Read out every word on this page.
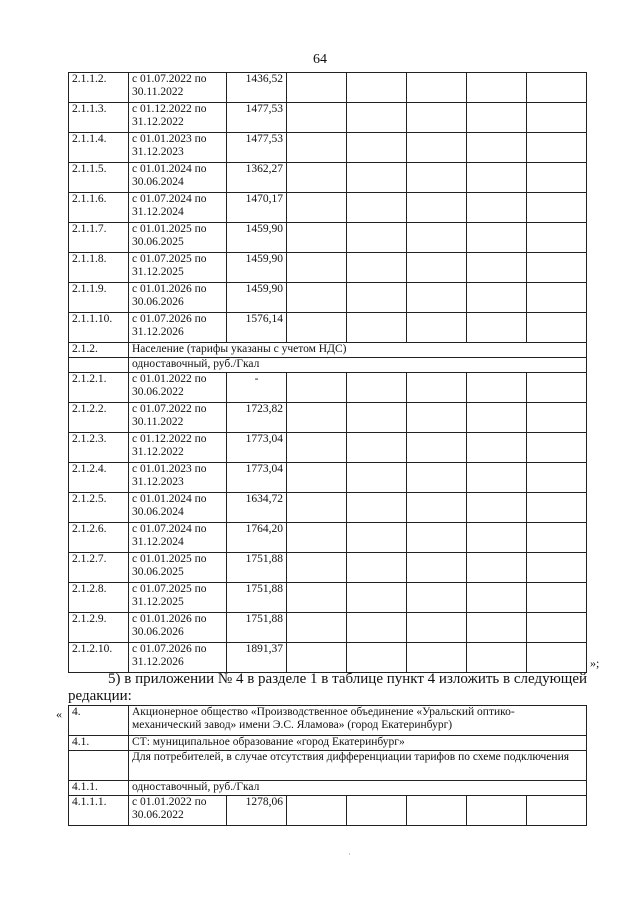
64
2.1.1.2.	с 01.07.2022 по 30.11.2022	1436,52					
2.1.1.3.	с 01.12.2022 по 31.12.2022	1477,53					
2.1.1.4.	с 01.01.2023 по 31.12.2023	1477,53					
2.1.1.5.	с 01.01.2024 по 30.06.2024	1362,27					
2.1.1.6.	с 01.07.2024 по 31.12.2024	1470,17					
2.1.1.7.	с 01.01.2025 по 30.06.2025	1459,90					
2.1.1.8.	с 01.07.2025 по 31.12.2025	1459,90					
2.1.1.9.	с 01.01.2026 по 30.06.2026	1459,90					
2.1.1.10.	с 01.07.2026 по 31.12.2026	1576,14					
2.1.2.	Население (тарифы указаны с учетом НДС)						
	одноставочный, руб./Гкал						
2.1.2.1.	с 01.01.2022 по 30.06.2022	-					
2.1.2.2.	с 01.07.2022 по 30.11.2022	1723,82					
2.1.2.3.	с 01.12.2022 по 31.12.2022	1773,04					
2.1.2.4.	с 01.01.2023 по 31.12.2023	1773,04					
2.1.2.5.	с 01.01.2024 по 30.06.2024	1634,72					
2.1.2.6.	с 01.07.2024 по 31.12.2024	1764,20					
2.1.2.7.	с 01.01.2025 по 30.06.2025	1751,88					
2.1.2.8.	с 01.07.2025 по 31.12.2025	1751,88					
2.1.2.9.	с 01.01.2026 по 30.06.2026	1751,88					
2.1.2.10.	с 01.07.2026 по 31.12.2026	1891,37					
»;
5) в приложении № 4 в разделе 1 в таблице пункт 4 изложить в следующей
редакции:
« 4.	Акционерное общество «Производственное объединение «Уральский оптико-механический завод» имени Э.С. Яламова» (город Екатеринбург)						
4.1.	СТ: муниципальное образование «город Екатеринбург»						
	Для потребителей, в случае отсутствия дифференциации тарифов по схеме подключения						
4.1.1.	одноставочный, руб./Гкал						
4.1.1.1.	с 01.01.2022 по 30.06.2022	1278,06					
·
